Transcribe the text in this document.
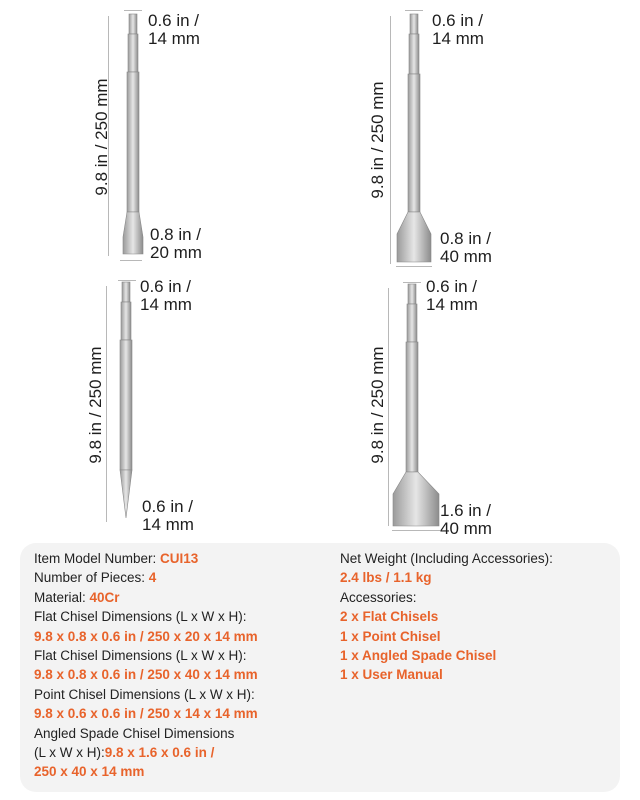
0.6 in /
14 mm
9.8 in / 250 mm
0.8 in /
20 mm
0.6 in /
14 mm
9.8 in / 250 mm
0.8 in /
40 mm
0.6 in /
14 mm
9.8 in / 250 mm
0.6 in /
14 mm
0.6 in /
14 mm
9.8 in / 250 mm
1.6 in /
40 mm
Item Model Number: CUI13
Number of Pieces: 4
Material: 40Cr
Flat Chisel Dimensions (L x W x H):
9.8 x 0.8 x 0.6 in / 250 x 20 x 14 mm
Flat Chisel Dimensions (L x W x H):
9.8 x 0.8 x 0.6 in / 250 x 40 x 14 mm
Point Chisel Dimensions (L x W x H):
9.8 x 0.6 x 0.6 in / 250 x 14 x 14 mm
Angled Spade Chisel Dimensions
(L x W x H):9.8 x 1.6 x 0.6 in /
250 x 40 x 14 mm
Net Weight (Including Accessories):
2.4 lbs / 1.1 kg
Accessories:
2 x Flat Chisels
1 x Point Chisel
1 x Angled Spade Chisel
1 x User Manual
